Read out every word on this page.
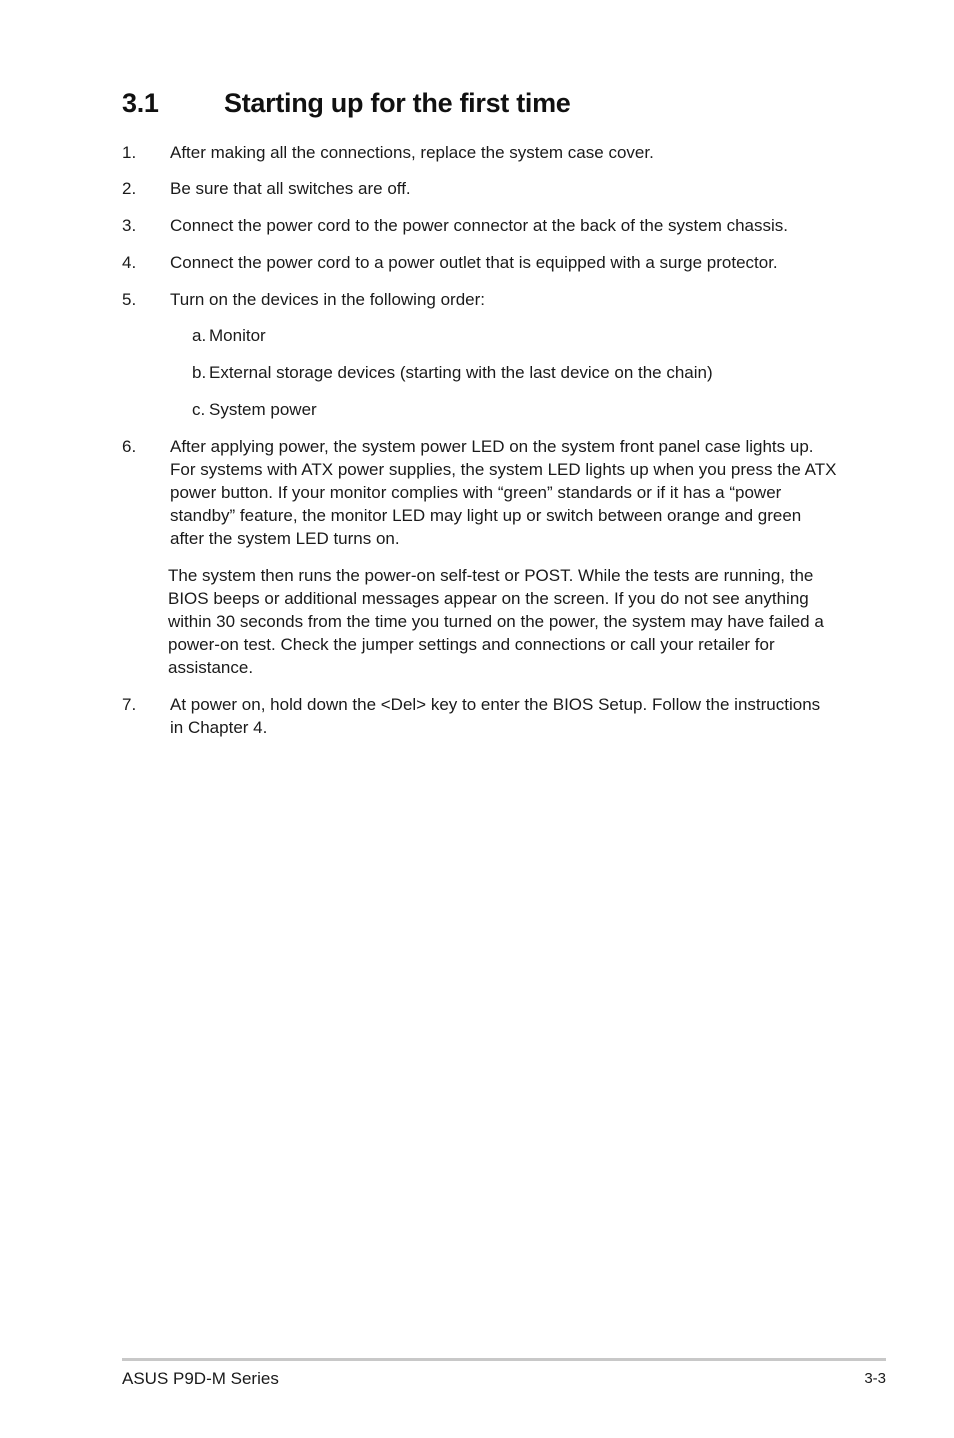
3.1 Starting up for the first time
1.	After making all the connections, replace the system case cover.
2.	Be sure that all switches are off.
3.	Connect the power cord to the power connector at the back of the system chassis.
4.	Connect the power cord to a power outlet that is equipped with a surge protector.
5.	Turn on the devices in the following order:
a. Monitor
b. External storage devices (starting with the last device on the chain)
c. System power
6.	After applying power, the system power LED on the system front panel case lights up. For systems with ATX power supplies, the system LED lights up when you press the ATX power button. If your monitor complies with “green” standards or if it has a “power standby” feature, the monitor LED may light up or switch between orange and green after the system LED turns on.
The system then runs the power-on self-test or POST. While the tests are running, the BIOS beeps or additional messages appear on the screen. If you do not see anything within 30 seconds from the time you turned on the power, the system may have failed a power-on test. Check the jumper settings and connections or call your retailer for assistance.
7.	At power on, hold down the <Del> key to enter the BIOS Setup. Follow the instructions in Chapter 4.
ASUS P9D-M Series	3-3
